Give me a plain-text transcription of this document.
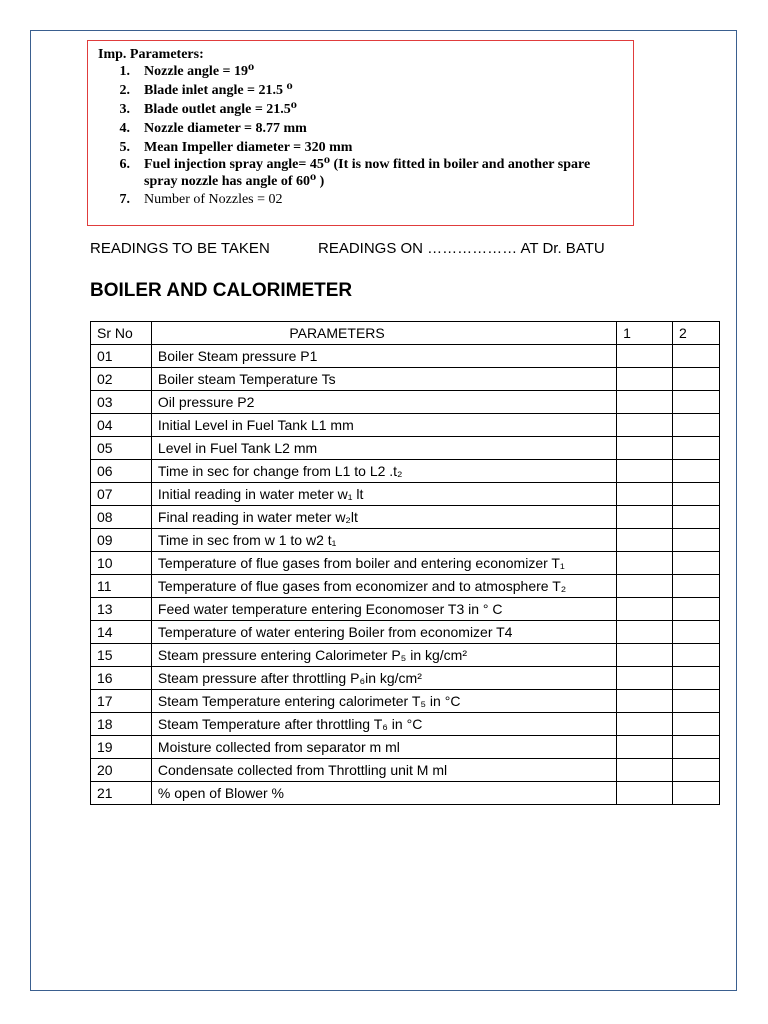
Imp. Parameters:
1. Nozzle angle = 19⁰
2. Blade inlet angle = 21.5 ⁰
3. Blade outlet angle = 21.5⁰
4. Nozzle diameter = 8.77 mm
5. Mean Impeller diameter = 320 mm
6. Fuel injection spray angle= 45⁰ (It is now fitted in boiler and another spare spray nozzle has angle of 60⁰ )
7. Number of Nozzles = 02
READINGS TO BE TAKEN	READINGS ON ……………… AT Dr. BATU
BOILER AND CALORIMETER
Sr No	PARAMETERS	1	2
01	Boiler Steam pressure P1		
02	Boiler steam Temperature Ts		
03	Oil pressure P2		
04	Initial Level in Fuel Tank L1 mm		
05	Level in Fuel Tank L2 mm		
06	Time in sec for change from L1 to L2 .t₂		
07	Initial reading in water meter w₁ lt		
08	Final reading in water meter w₂lt		
09	Time in sec from w 1 to w2 t₁		
10	Temperature of flue gases from boiler and entering economizer T₁		
11	Temperature of flue gases from economizer and to atmosphere T₂		
13	Feed water temperature entering Economoser T3 in ° C		
14	Temperature of water entering Boiler from economizer T4		
15	Steam pressure entering Calorimeter P₅ in kg/cm²		
16	Steam pressure after throttling P₆in kg/cm²		
17	Steam Temperature entering calorimeter T₅ in °C		
18	Steam Temperature after throttling T₆ in °C		
19	Moisture collected from separator m ml		
20	Condensate collected from Throttling unit M ml		
21	% open of Blower %		
